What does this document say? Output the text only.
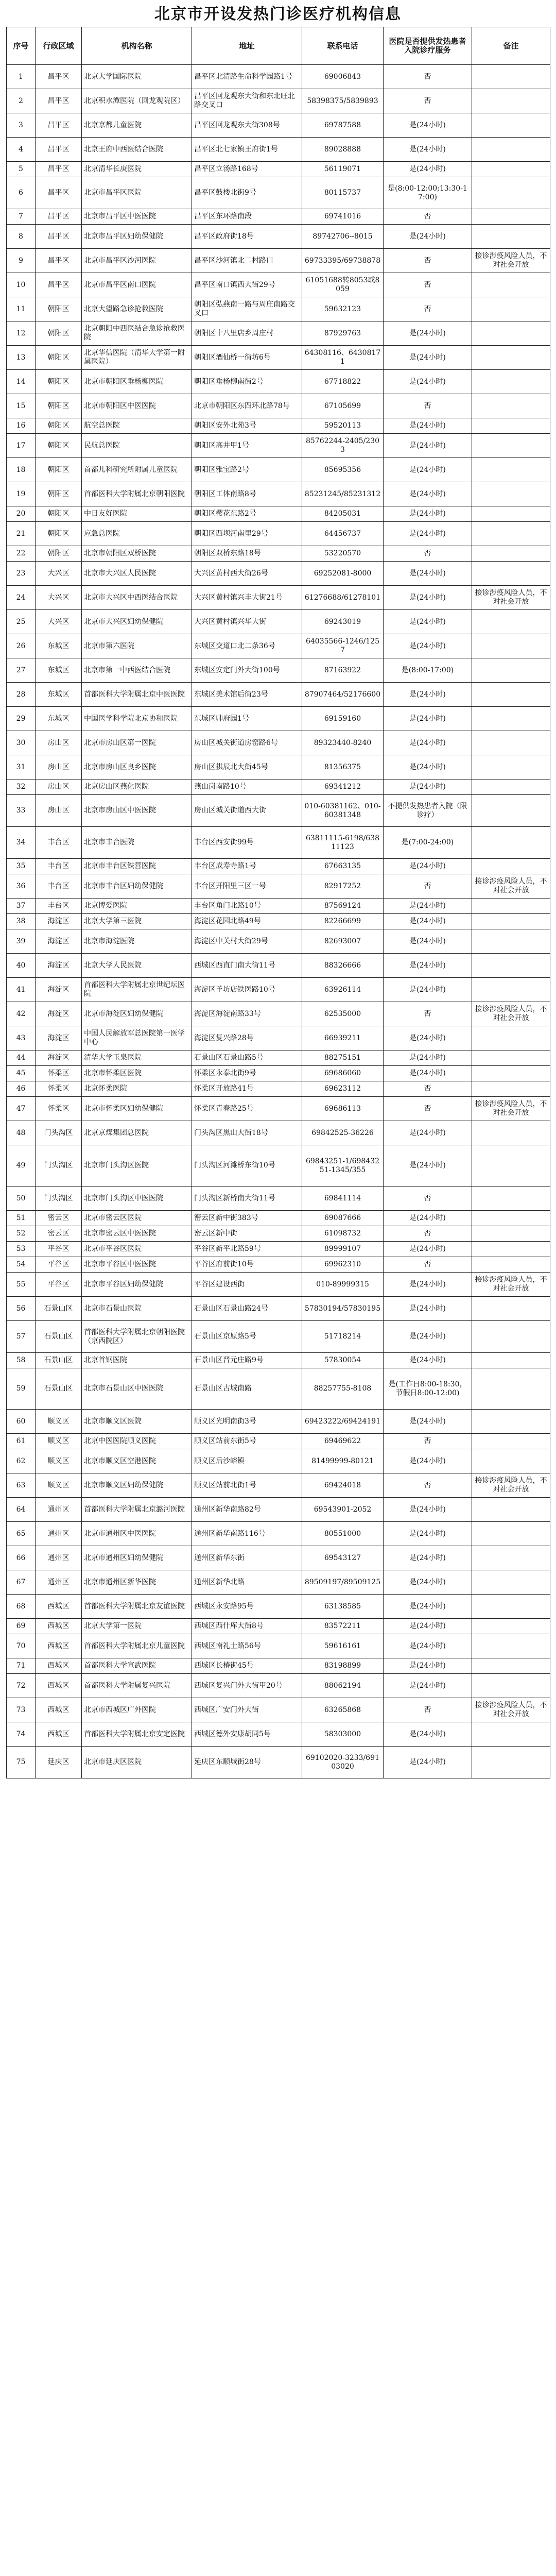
北京市开设发热门诊医疗机构信息
序号	行政区域	机构名称	地址	联系电话	医院是否提供发热患者入院诊疗服务	备注
1	昌平区	北京大学国际医院	昌平区北清路生命科学园路1号	69006843	否	
2	昌平区	北京积水潭医院（回龙观院区）	昌平区回龙观东大街和东北旺北路交叉口	58398375/5839893	否	
3	昌平区	北京京都儿童医院	昌平区回龙观东大街308号	69787588	是(24小时)	
4	昌平区	北京王府中西医结合医院	昌平区北七家镇王府街1号	89028888	是(24小时)	
5	昌平区	北京清华长庚医院	昌平区立汤路168号	56119071	是(24小时)	
6	昌平区	北京市昌平区医院	昌平区鼓楼北街9号	80115737	是(8:00-12:00;13:30-17:00)	
7	昌平区	北京市昌平区中医医院	昌平区东环路南段	69741016	否	
8	昌平区	北京市昌平区妇幼保健院	昌平区政府街18号	89742706--8015	是(24小时)	
9	昌平区	北京市昌平区沙河医院	昌平区沙河镇北二村路口	69733395/69738878	否	接诊涉疫风险人员，不对社会开放
10	昌平区	北京市昌平区南口医院	昌平区南口镇西大街29号	61051688转8053或8059	否	
11	朝阳区	北京大望路急诊抢救医院	朝阳区弘燕南一路与周庄南路交叉口	59632123	否	
12	朝阳区	北京朝阳中西医结合急诊抢救医院	朝阳区十八里店乡周庄村	87929763	是(24小时)	
13	朝阳区	北京华信医院（清华大学第一附属医院）	朝阳区酒仙桥一街坊6号	64308116、64308171	是(24小时)	
14	朝阳区	北京市朝阳区垂杨柳医院	朝阳区垂杨柳南街2号	67718822	是(24小时)	
15	朝阳区	北京市朝阳区中医医院	北京市朝阳区东四环北路78号	67105699	否	
16	朝阳区	航空总医院	朝阳区安外北苑3号	59520113	是(24小时)	
17	朝阳区	民航总医院	朝阳区高井甲1号	85762244-2405/2303	是(24小时)	
18	朝阳区	首都儿科研究所附属儿童医院	朝阳区雅宝路2号	85695356	是(24小时)	
19	朝阳区	首都医科大学附属北京朝阳医院	朝阳区工体南路8号	85231245/85231312	是(24小时)	
20	朝阳区	中日友好医院	朝阳区樱花东路2号	84205031	是(24小时)	
21	朝阳区	应急总医院	朝阳区西坝河南里29号	64456737	是(24小时)	
22	朝阳区	北京市朝阳区双桥医院	朝阳区双桥东路18号	53220570	否	
23	大兴区	北京市大兴区人民医院	大兴区黄村西大街26号	69252081-8000	是(24小时)	
24	大兴区	北京市大兴区中西医结合医院	大兴区黄村镇兴丰大街21号	61276688/61278101	是(24小时)	接诊涉疫风险人员，不对社会开放
25	大兴区	北京市大兴区妇幼保健院	大兴区黄村镇兴华大街	69243019	是(24小时)	
26	东城区	北京市第六医院	东城区交道口北二条36号	64035566-1246/1257	是(24小时)	
27	东城区	北京市第一中西医结合医院	东城区安定门外大街100号	87163922	是(8:00-17:00)	
28	东城区	首都医科大学附属北京中医医院	东城区美术馆后街23号	87907464/52176600	是(24小时)	
29	东城区	中国医学科学院北京协和医院	东城区帅府园1号	69159160	是(24小时)	
30	房山区	北京市房山区第一医院	房山区城关街道房窑路6号	89323440-8240	是(24小时)	
31	房山区	北京市房山区良乡医院	房山区拱辰北大街45号	81356375	是(24小时)	
32	房山区	北京房山区燕化医院	燕山岗南路10号	69341212	是(24小时)	
33	房山区	北京市房山区中医医院	房山区城关街道西大街	010-60381162、010-60381348	不提供发热患者入院（限诊疗）	
34	丰台区	北京市丰台医院	丰台区西安街99号	63811115-6198/63811123	是(7:00-24:00)	
35	丰台区	北京市丰台区铁营医院	丰台区成寿寺路1号	67663135	是(24小时)	
36	丰台区	北京市丰台区妇幼保健院	丰台区开阳里三区一号	82917252	否	接诊涉疫风险人员，不对社会开放
37	丰台区	北京博爱医院	丰台区角门北路10号	87569124	是(24小时)	
38	海淀区	北京大学第三医院	海淀区花园北路49号	82266699	是(24小时)	
39	海淀区	北京市海淀医院	海淀区中关村大街29号	82693007	是(24小时)	
40	海淀区	北京大学人民医院	西城区西直门南大街11号	88326666	是(24小时)	
41	海淀区	首都医科大学附属北京世纪坛医院	海淀区羊坊店铁医路10号	63926114	是(24小时)	
42	海淀区	北京市海淀区妇幼保健院	海淀区海淀南路33号	62535000	否	接诊涉疫风险人员，不对社会开放
43	海淀区	中国人民解放军总医院第一医学中心	海淀区复兴路28号	66939211	是(24小时)	
44	海淀区	清华大学玉泉医院	石景山区石景山路5号	88275151	是(24小时)	
45	怀柔区	北京市怀柔区医院	怀柔区永泰北街9号	69686060	是(24小时)	
46	怀柔区	北京怀柔医院	怀柔区开放路41号	69623112	否	
47	怀柔区	北京市怀柔区妇幼保健院	怀柔区青春路25号	69686113	否	接诊涉疫风险人员，不对社会开放
48	门头沟区	北京京煤集团总医院	门头沟区黑山大街18号	69842525-36226	是(24小时)	
49	门头沟区	北京市门头沟区医院	门头沟区河滩桥东街10号	69843251-1/69843251-1345/355	是(24小时)	
50	门头沟区	北京市门头沟区中医医院	门头沟区新桥南大街11号	69841114	否	
51	密云区	北京市密云区医院	密云区新中街383号	69087666	是(24小时)	
52	密云区	北京市密云区中医医院	密云区新中街	61098732	否	
53	平谷区	北京市平谷区医院	平谷区新平北路59号	89999107	是(24小时)	
54	平谷区	北京市平谷区中医医院	平谷区府前街10号	69962310	否	
55	平谷区	北京市平谷区妇幼保健院	平谷区建设西街	010-89999315	是(24小时)	接诊涉疫风险人员，不对社会开放
56	石景山区	北京市石景山医院	石景山区石景山路24号	57830194/57830195	是(24小时)	
57	石景山区	首都医科大学附属北京朝阳医院（京西院区）	石景山区京原路5号	51718214	是(24小时)	
58	石景山区	北京首钢医院	石景山区晋元庄路9号	57830054	是(24小时)	
59	石景山区	北京市石景山区中医医院	石景山区古城南路	88257755-8108	是(工作日8:00-18:30，节假日8:00-12:00)	
60	顺义区	北京市顺义区医院	顺义区光明南街3号	69423222/69424191	是(24小时)	
61	顺义区	北京中医医院顺义医院	顺义区站前东街5号	69469622	否	
62	顺义区	北京市顺义区空港医院	顺义区后沙峪镇	81499999-80121	是(24小时)	
63	顺义区	北京市顺义区妇幼保健院	顺义区站前北街1号	69424018	否	接诊涉疫风险人员，不对社会开放
64	通州区	首都医科大学附属北京潞河医院	通州区新华南路82号	69543901-2052	是(24小时)	
65	通州区	北京市通州区中医医院	通州区新华南路116号	80551000	是(24小时)	
66	通州区	北京市通州区妇幼保健院	通州区新华东街	69543127	是(24小时)	
67	通州区	北京市通州区新华医院	通州区新华北路	89509197/89509125	是(24小时)	
68	西城区	首都医科大学附属北京友谊医院	西城区永安路95号	63138585	是(24小时)	
69	西城区	北京大学第一医院	西城区西什库大街8号	83572211	是(24小时)	
70	西城区	首都医科大学附属北京儿童医院	西城区南礼士路56号	59616161	是(24小时)	
71	西城区	首都医科大学宣武医院	西城区长椿街45号	83198899	是(24小时)	
72	西城区	首都医科大学附属复兴医院	西城区复兴门外大街甲20号	88062194	是(24小时)	
73	西城区	北京市西城区广外医院	西城区广安门外大街	63265868	否	接诊涉疫风险人员，不对社会开放
74	西城区	首都医科大学附属北京安定医院	西城区德外安康胡同5号	58303000	是(24小时)	
75	延庆区	北京市延庆区医院	延庆区东顺城街28号	69102020-3233/69103020	是(24小时)	
